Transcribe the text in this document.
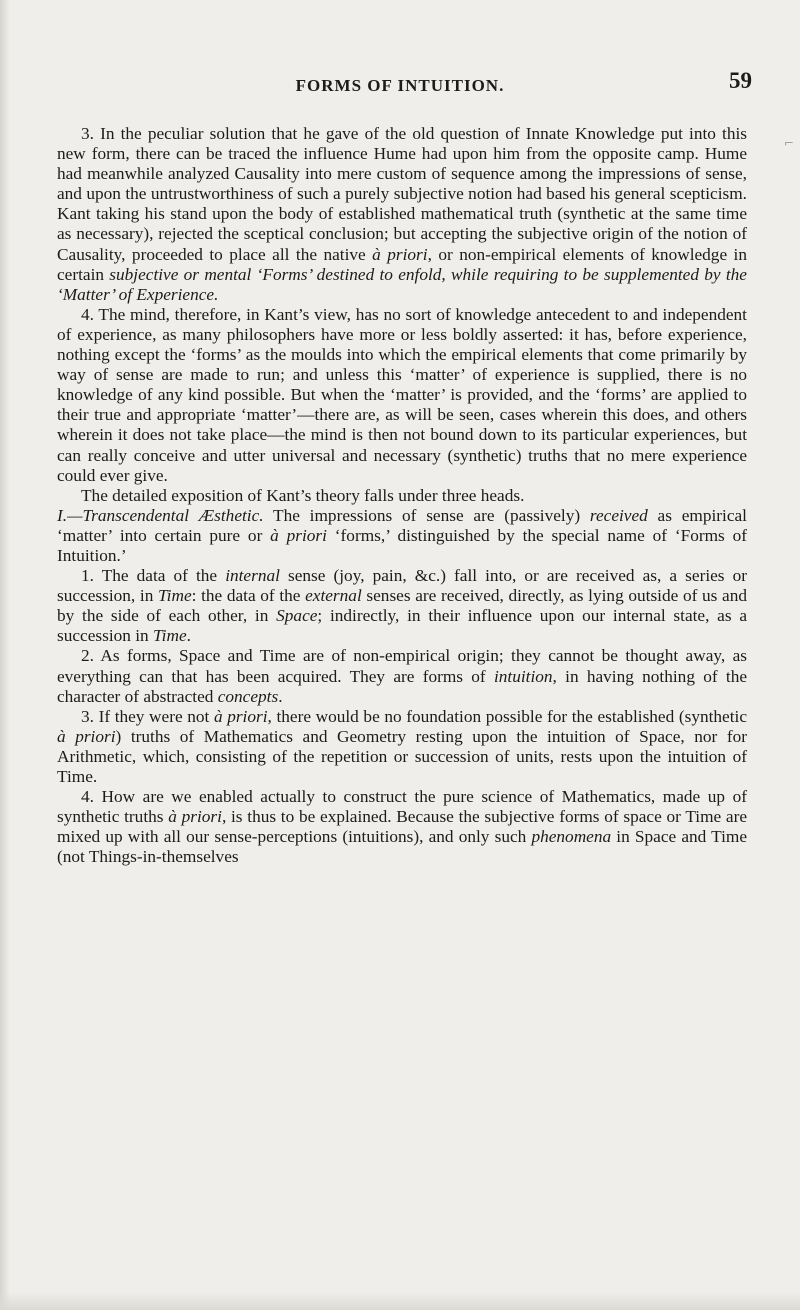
FORMS OF INTUITION.	59
⌐

3. In the peculiar solution that he gave of the old question of Innate Knowledge put into this new form, there can be traced the influence Hume had upon him from the opposite camp. Hume had meanwhile analyzed Causality into mere custom of sequence among the impressions of sense, and upon the untrustworthiness of such a purely subjective notion had based his general scepticism. Kant taking his stand upon the body of established mathematical truth (synthetic at the same time as necessary), rejected the sceptical conclusion; but accepting the subjective origin of the notion of Causality, proceeded to place all the native à priori, or non-empirical elements of knowledge in certain subjective or mental ‘Forms’ destined to enfold, while requiring to be supplemented by the ‘Matter’ of Experience.

4. The mind, therefore, in Kant’s view, has no sort of knowledge antecedent to and independent of experience, as many philosophers have more or less boldly asserted: it has, before experience, nothing except the ‘forms’ as the moulds into which the empirical elements that come primarily by way of sense are made to run; and unless this ‘matter’ of experience is supplied, there is no knowledge of any kind possible. But when the ‘matter’ is provided, and the ‘forms’ are applied to their true and appropriate ‘matter’—there are, as will be seen, cases wherein this does, and others wherein it does not take place—the mind is then not bound down to its particular experiences, but can really conceive and utter universal and necessary (synthetic) truths that no mere experience could ever give.

The detailed exposition of Kant’s theory falls under three heads.

I.—Transcendental Æsthetic. The impressions of sense are (passively) received as empirical ‘matter’ into certain pure or à priori ‘forms,’ distinguished by the special name of ‘Forms of Intuition.’

1. The data of the internal sense (joy, pain, &c.) fall into, or are received as, a series or succession, in Time: the data of the external senses are received, directly, as lying outside of us and by the side of each other, in Space; indirectly, in their influence upon our internal state, as a succession in Time.

2. As forms, Space and Time are of non-empirical origin; they cannot be thought away, as everything can that has been acquired. They are forms of intuition, in having nothing of the character of abstracted concepts.

3. If they were not à priori, there would be no foundation possible for the established (synthetic à priori) truths of Mathematics and Geometry resting upon the intuition of Space, nor for Arithmetic, which, consisting of the repetition or succession of units, rests upon the intuition of Time.

4. How are we enabled actually to construct the pure science of Mathematics, made up of synthetic truths à priori, is thus to be explained. Because the subjective forms of space or Time are mixed up with all our sense-perceptions (intuitions), and only such phenomena in Space and Time (not Things-in-themselves
